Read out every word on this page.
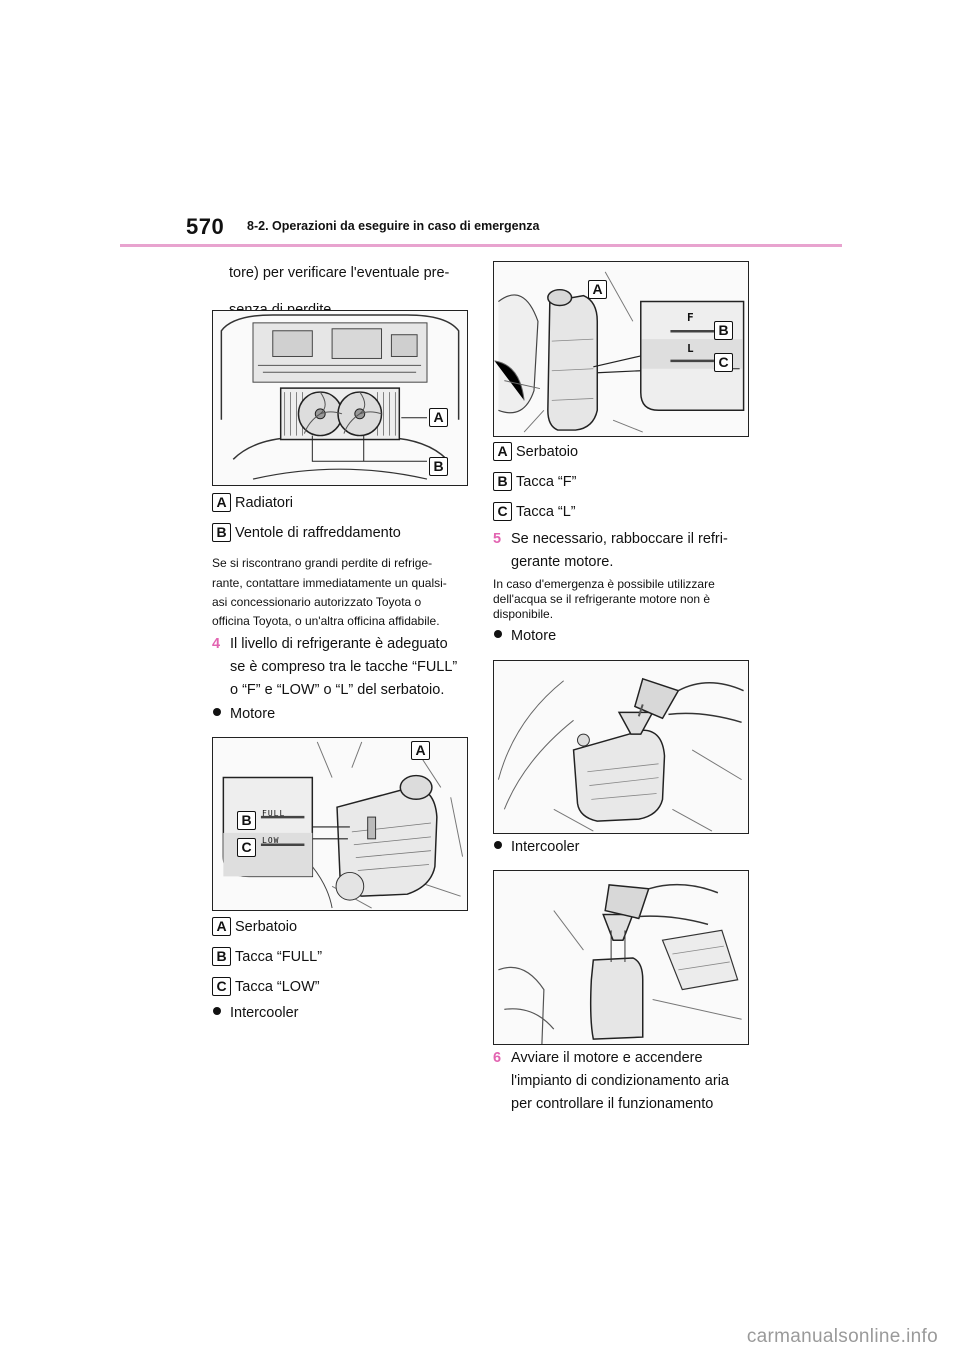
570 8-2. Operazioni da eseguire in caso di emergenza
tore) per verificare l'eventuale pre-
A
B
A Radiatori
B Ventole di raffreddamento
Se si riscontrano grandi perdite di refrige-
rante, contattare immediatamente un qualsi-
asi concessionario autorizzato Toyota o
officina Toyota, o un'altra officina affidabile.
4 Il livello di refrigerante è adeguato
se è compreso tra le tacche “FULL”
o “F” e “LOW” o “L” del serbatoio.
Motore
FULL
LOW
A
B
C
A Serbatoio
B Tacca “FULL”
C Tacca “LOW”
Intercooler
F
L
A
B
C
A Serbatoio
B Tacca “F”
C Tacca “L”
5 Se necessario, rabboccare il refri-
gerante motore.
In caso d'emergenza è possibile utilizzare
dell'acqua se il refrigerante motore non è
disponibile.
Motore
Intercooler
6 Avviare il motore e accendere
l'impianto di condizionamento aria
per controllare il funzionamento
carmanualsonline.info
